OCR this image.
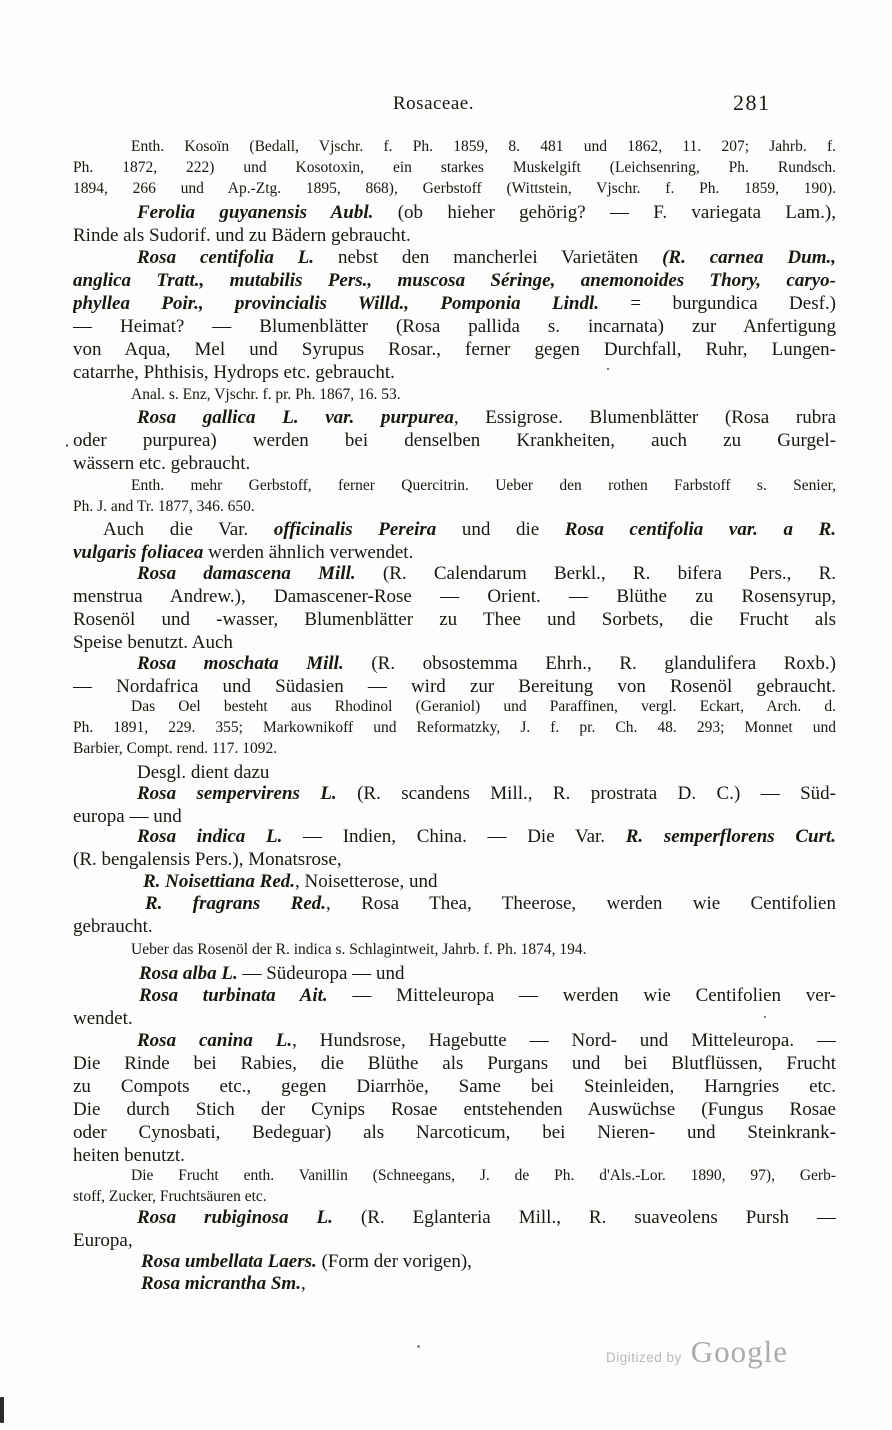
Rosaceae.	281
Enth. Kosoïn (Bedall, Vjschr. f. Ph. 1859, 8. 481 und 1862, 11. 207; Jahrb. f.
Ph. 1872, 222) und Kosotoxin, ein starkes Muskelgift (Leichsenring, Ph. Rundsch.
1894, 266 und Ap.-Ztg. 1895, 868), Gerbstoff (Wittstein, Vjschr. f. Ph. 1859, 190).
Ferolia guyanensis Aubl. (ob hieher gehörig? — F. variegata Lam.),
Rinde als Sudorif. und zu Bädern gebraucht.
Rosa centifolia L. nebst den mancherlei Varietäten (R. carnea Dum.,
anglica Tratt., mutabilis Pers., muscosa Séringe, anemonoides Thory, caryo-
phyllea Poir., provincialis Willd., Pomponia Lindl. = burgundica Desf.)
— Heimat? — Blumenblätter (Rosa pallida s. incarnata) zur Anfertigung
von Aqua, Mel und Syrupus Rosar., ferner gegen Durchfall, Ruhr, Lungen-
catarrhe, Phthisis, Hydrops etc. gebraucht.
Anal. s. Enz, Vjschr. f. pr. Ph. 1867, 16. 53.
Rosa gallica L. var. purpurea, Essigrose. Blumenblätter (Rosa rubra
oder purpurea) werden bei denselben Krankheiten, auch zu Gurgel-
wässern etc. gebraucht.
Enth. mehr Gerbstoff, ferner Quercitrin. Ueber den rothen Farbstoff s. Senier,
Ph. J. and Tr. 1877, 346. 650.
Auch die Var. officinalis Pereira und die Rosa centifolia var. a R.
vulgaris foliacea werden ähnlich verwendet.
Rosa damascena Mill. (R. Calendarum Berkl., R. bifera Pers., R.
menstrua Andrew.), Damascener-Rose — Orient. — Blüthe zu Rosensyrup,
Rosenöl und -wasser, Blumenblätter zu Thee und Sorbets, die Frucht als
Speise benutzt. Auch
Rosa moschata Mill. (R. obsostemma Ehrh., R. glandulifera Roxb.)
— Nordafrica und Südasien — wird zur Bereitung von Rosenöl gebraucht.
Das Oel besteht aus Rhodinol (Geraniol) und Paraffinen, vergl. Eckart, Arch. d.
Ph. 1891, 229. 355; Markownikoff und Reformatzky, J. f. pr. Ch. 48. 293; Monnet und
Barbier, Compt. rend. 117. 1092.
Desgl. dient dazu
Rosa sempervirens L. (R. scandens Mill., R. prostrata D. C.) — Süd-
europa — und
Rosa indica L. — Indien, China. — Die Var. R. semperflorens Curt.
(R. bengalensis Pers.), Monatsrose,
R. Noisettiana Red., Noisetterose, und
R. fragrans Red., Rosa Thea, Theerose, werden wie Centifolien
gebraucht.
Ueber das Rosenöl der R. indica s. Schlagintweit, Jahrb. f. Ph. 1874, 194.
Rosa alba L. — Südeuropa — und
Rosa turbinata Ait. — Mitteleuropa — werden wie Centifolien ver-
wendet.
Rosa canina L., Hundsrose, Hagebutte — Nord- und Mitteleuropa. —
Die Rinde bei Rabies, die Blüthe als Purgans und bei Blutflüssen, Frucht
zu Compots etc., gegen Diarrhöe, Same bei Steinleiden, Harngries etc.
Die durch Stich der Cynips Rosae entstehenden Auswüchse (Fungus Rosae
oder Cynosbati, Bedeguar) als Narcoticum, bei Nieren- und Steinkrank-
heiten benutzt.
Die Frucht enth. Vanillin (Schneegans, J. de Ph. d'Als.-Lor. 1890, 97), Gerb-
stoff, Zucker, Fruchtsäuren etc.
Rosa rubiginosa L. (R. Eglanteria Mill., R. suaveolens Pursh —
Europa,
Rosa umbellata Laers. (Form der vorigen),
Rosa micrantha Sm.,
Digitized by Google
